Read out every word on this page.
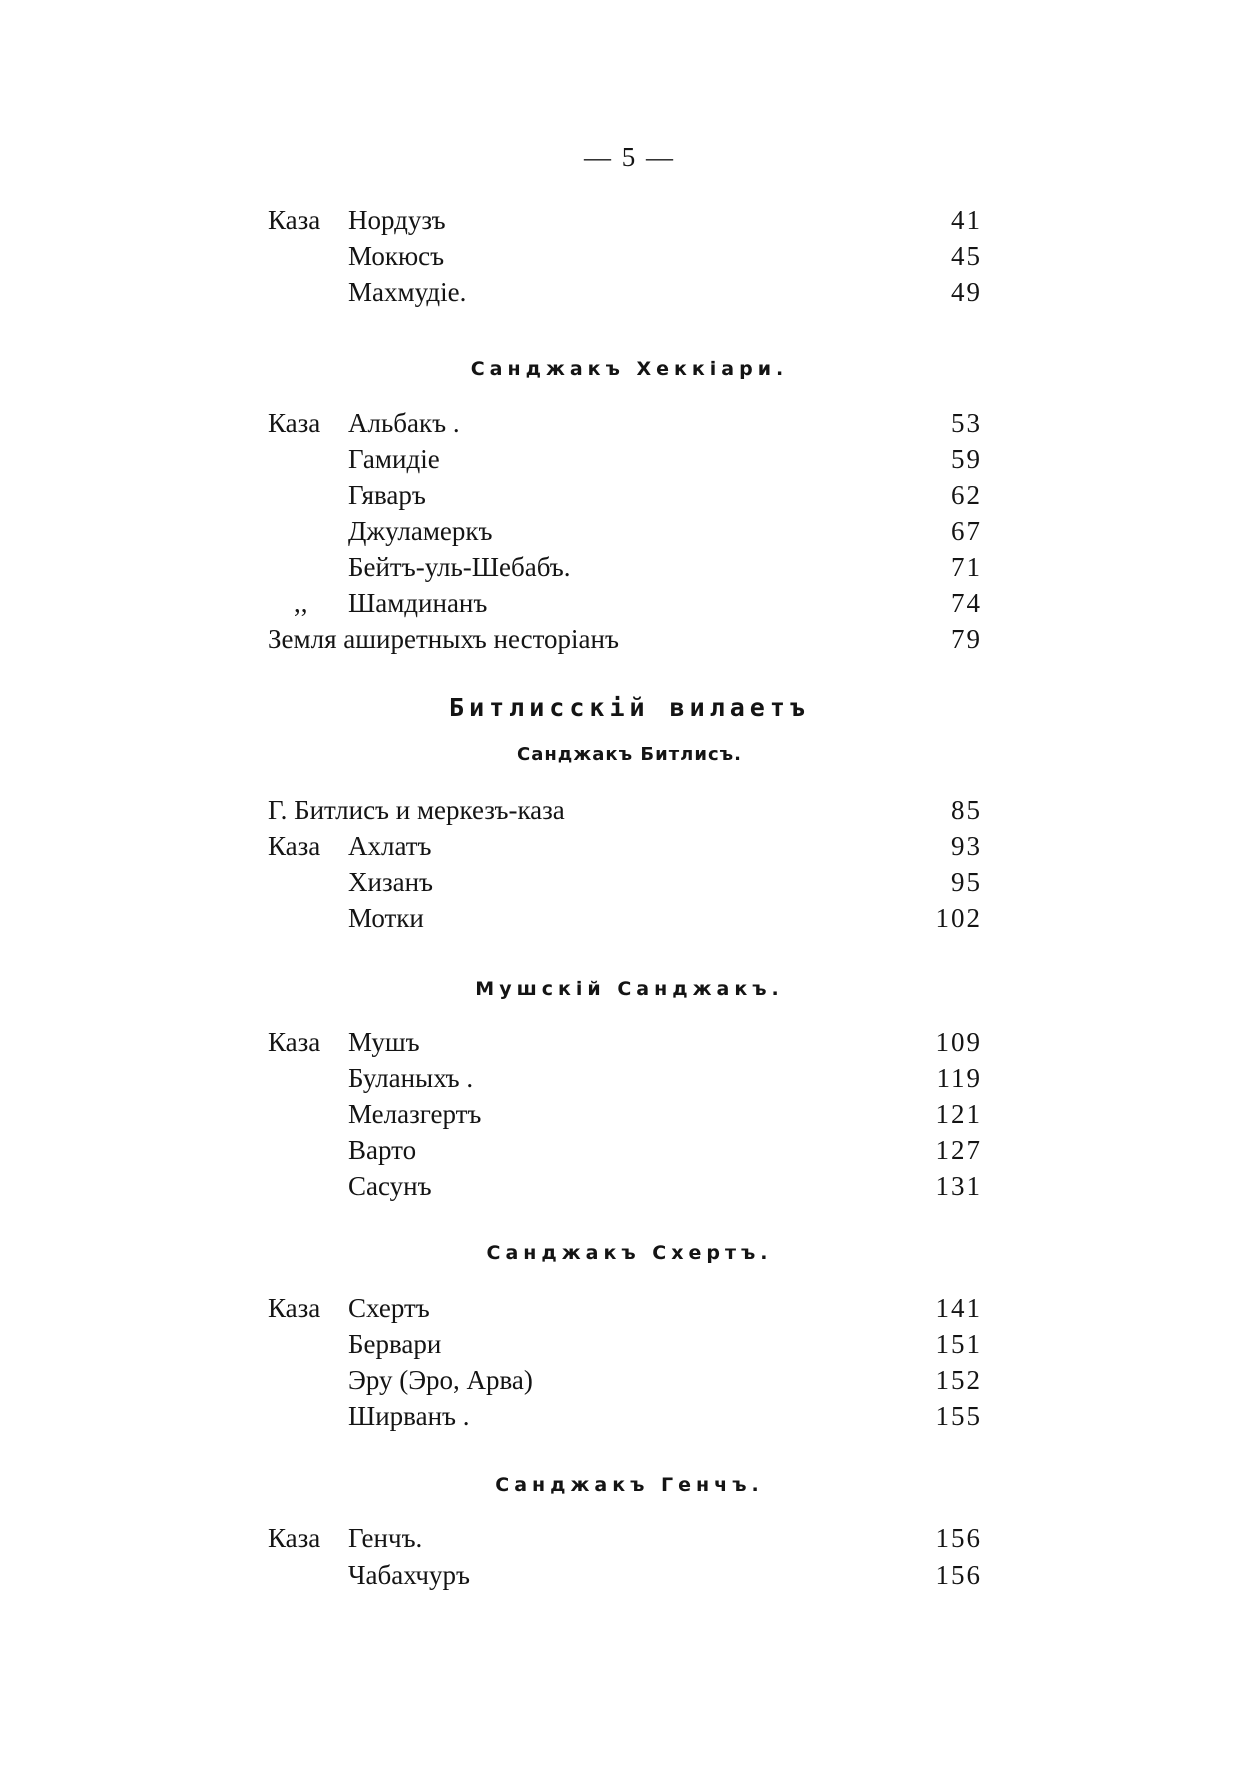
— 5 —
Каза Нордузъ	41
Мокюсъ	45
Махмудіе.	49
Санджакъ Хеккіари.
Каза Альбакъ .	53
Гамидіе	59
Гяваръ	62
Джуламеркъ	67
Бейтъ-уль-Шебабъ.	71
,, Шамдинанъ	74
Земля аширетныхъ несторіанъ	79
Битлисскій вилаетъ
Санджакъ Битлисъ.
Г. Битлисъ и меркезъ-каза	85
Каза Ахлатъ	93
Хизанъ	95
Мотки	102
Мушскій Санджакъ.
Каза Мушъ	109
Буланыхъ .	119
Мелазгертъ	121
Варто	127
Сасунъ	131
Санджакъ Схертъ.
Каза Схертъ	141
Бервари	151
Эру (Эро, Арва)	152
Ширванъ .	155
Санджакъ Генчъ.
Каза Генчъ.	156
Чабахчуръ	156
